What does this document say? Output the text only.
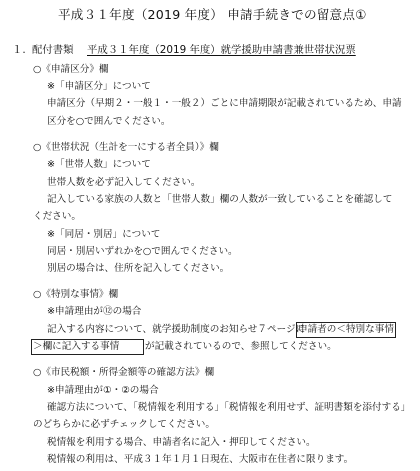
平成３１年度（2019 年度） 申請手続きでの留意点①
１. 配付書類 平成３１年度（2019 年度）就学援助申請書兼世帯状況票
○《申請区分》欄
※「申請区分」について
申請区分（早期２・一般１・一般２）ごとに申請期限が記載されているため、申請
区分を○で囲んでください。
○《世帯状況（生計を一にする者全員）》欄
※「世帯人数」について
世帯人数を必ず記入してください。
記入している家族の人数と「世帯人数」欄の人数が一致していることを確認して
ください。
※「同居・別居」について
同居・別居いずれかを○で囲んでください。
別居の場合は、住所を記入してください。
○《特別な事情》欄
※申請理由が⑫の場合
記入する内容について、就学援助制度のお知らせ７ページに
申請者の＜特別な事情
＞欄に記入する事情	が記載されているので、参照してください。
○《市民税額・所得金額等の確認方法》欄
※申請理由が①・②の場合
確認方法について、「税情報を利用する」「税情報を利用せず、証明書類を添付する」
のどちらかに必ずチェックしてください。
税情報を利用する場合、申請者名に記入・押印してください。
税情報の利用は、平成３１年１月１日現在、大阪市在住者に限ります。
